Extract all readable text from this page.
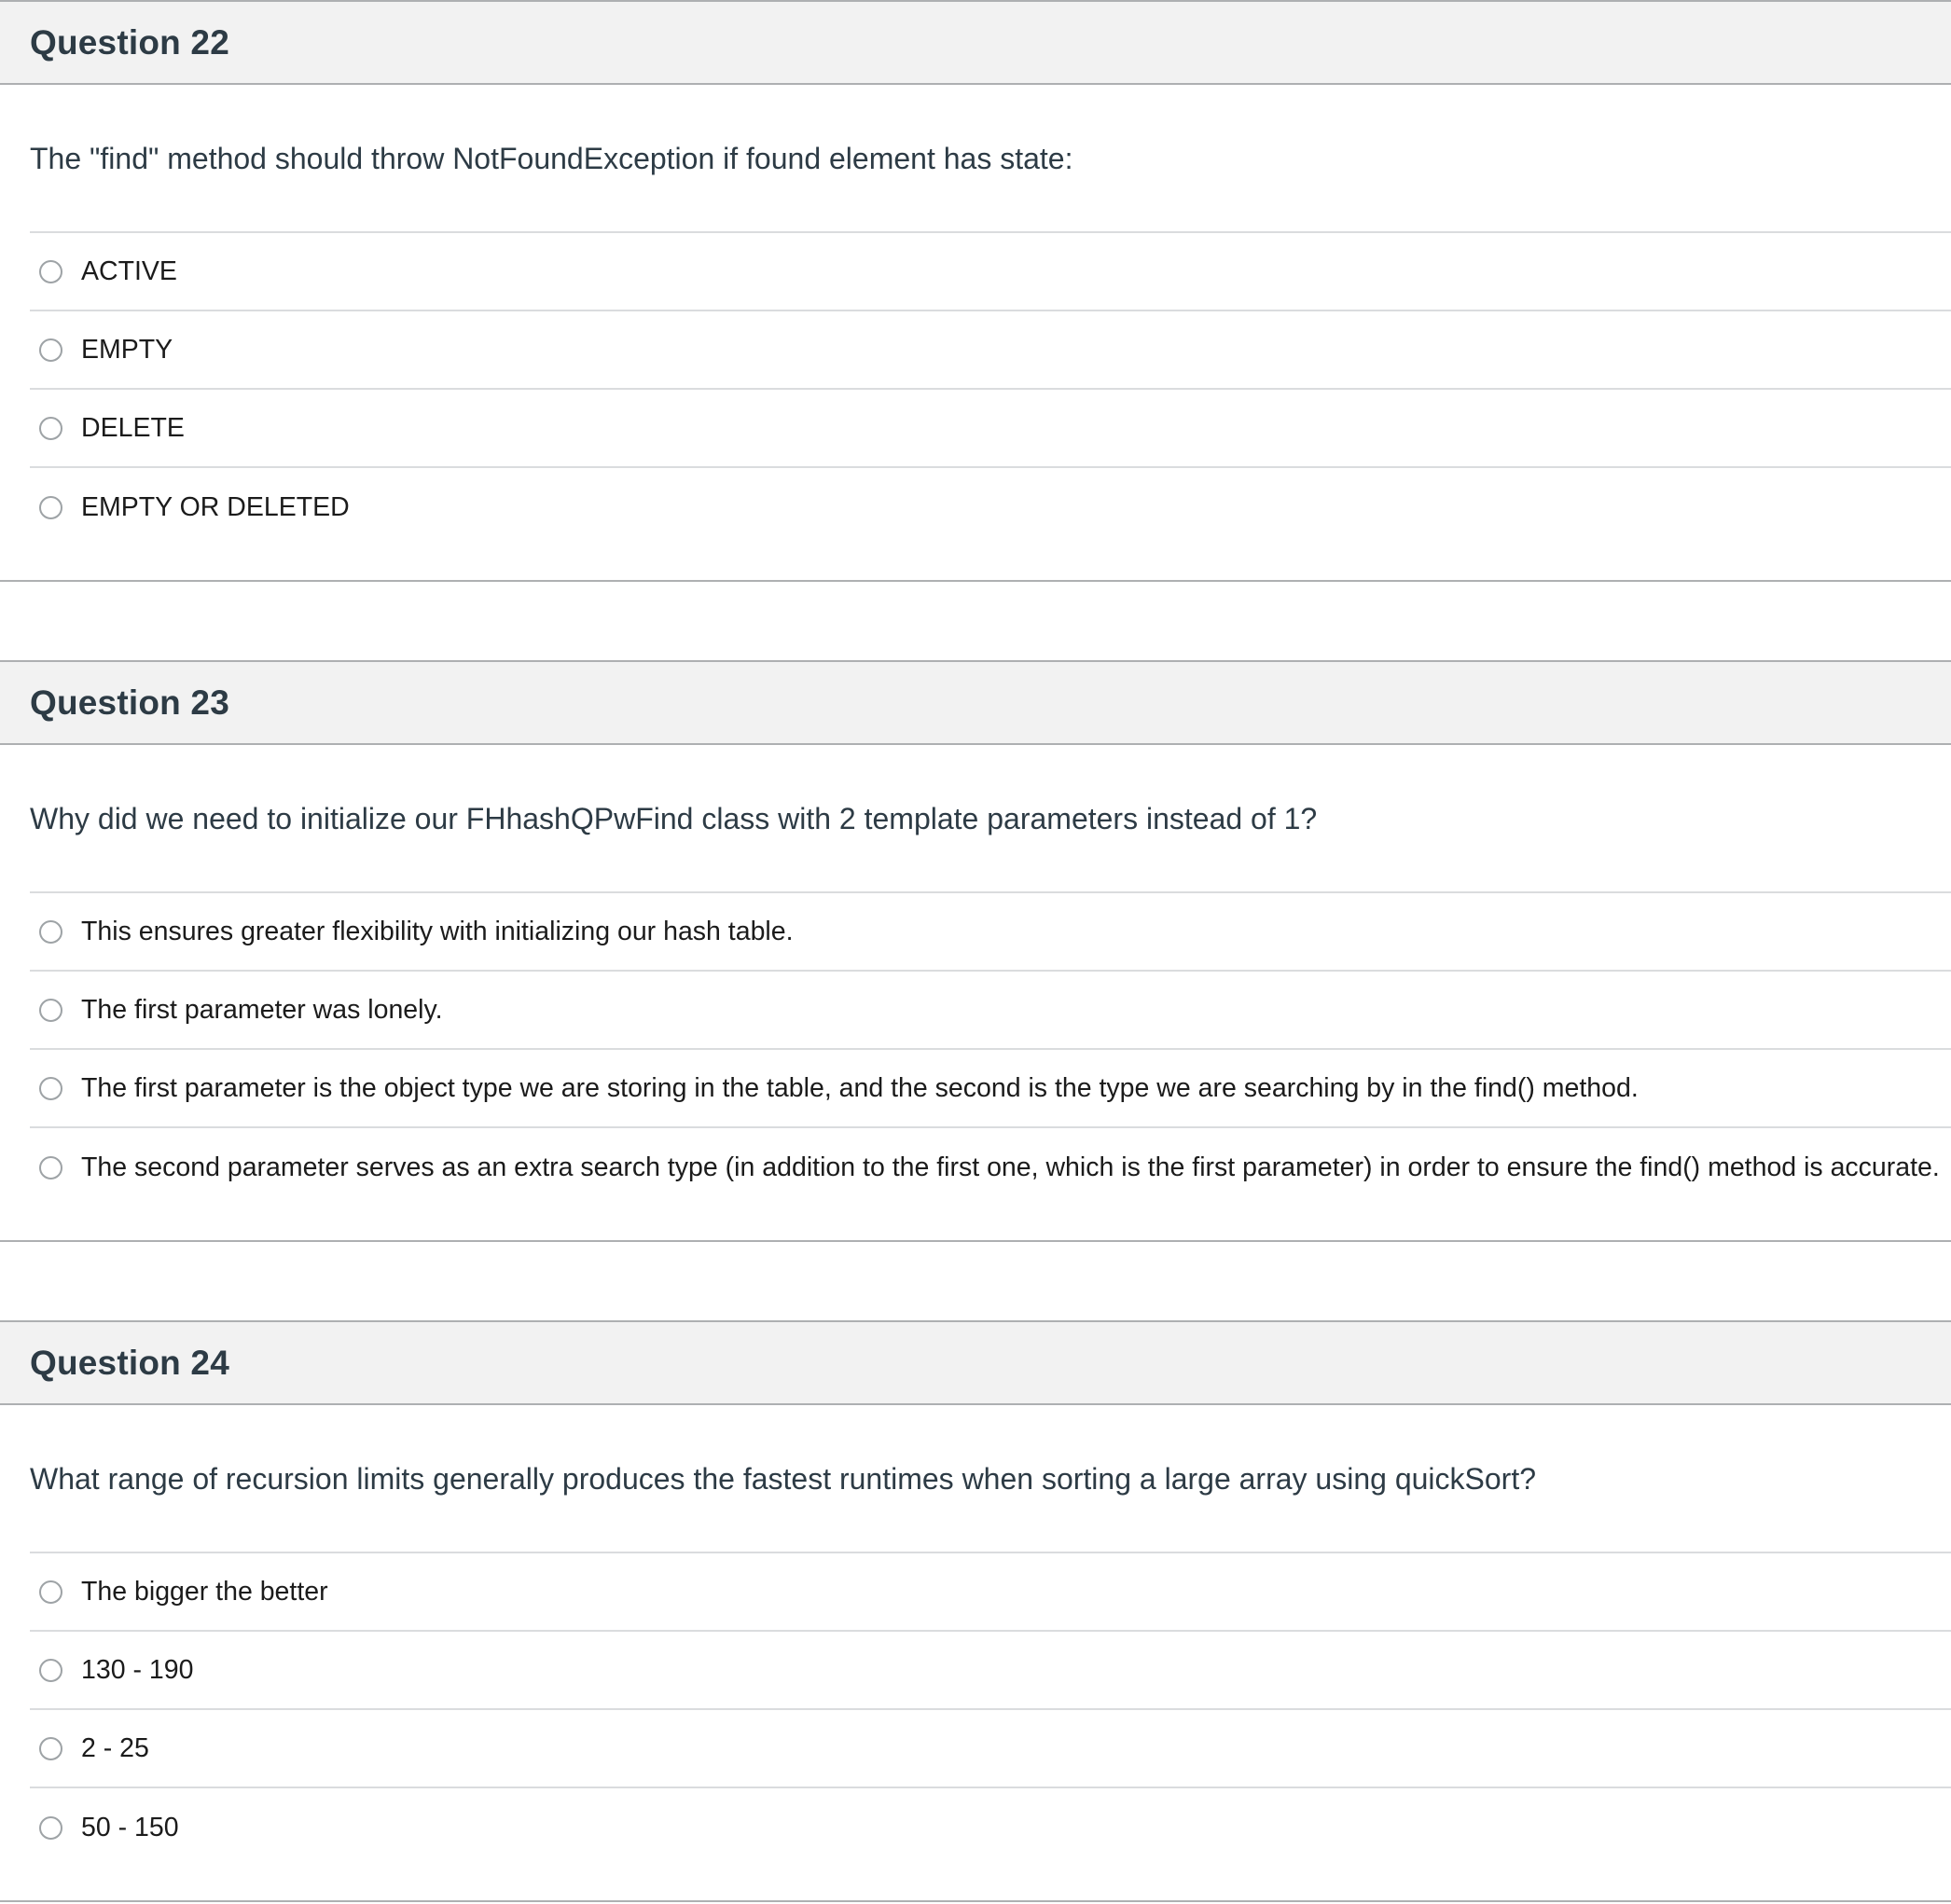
Question 22
The "find" method should throw NotFoundException if found element has state:
ACTIVE
EMPTY
DELETE
EMPTY OR DELETED
Question 23
Why did we need to initialize our FHhashQPwFind class with 2 template parameters instead of 1?
This ensures greater flexibility with initializing our hash table.
The first parameter was lonely.
The first parameter is the object type we are storing in the table, and the second is the type we are searching by in the find() method.
The second parameter serves as an extra search type (in addition to the first one, which is the first parameter) in order to ensure the find() method is accurate.
Question 24
What range of recursion limits generally produces the fastest runtimes when sorting a large array using quickSort?
The bigger the better
130 - 190
2 - 25
50 - 150
